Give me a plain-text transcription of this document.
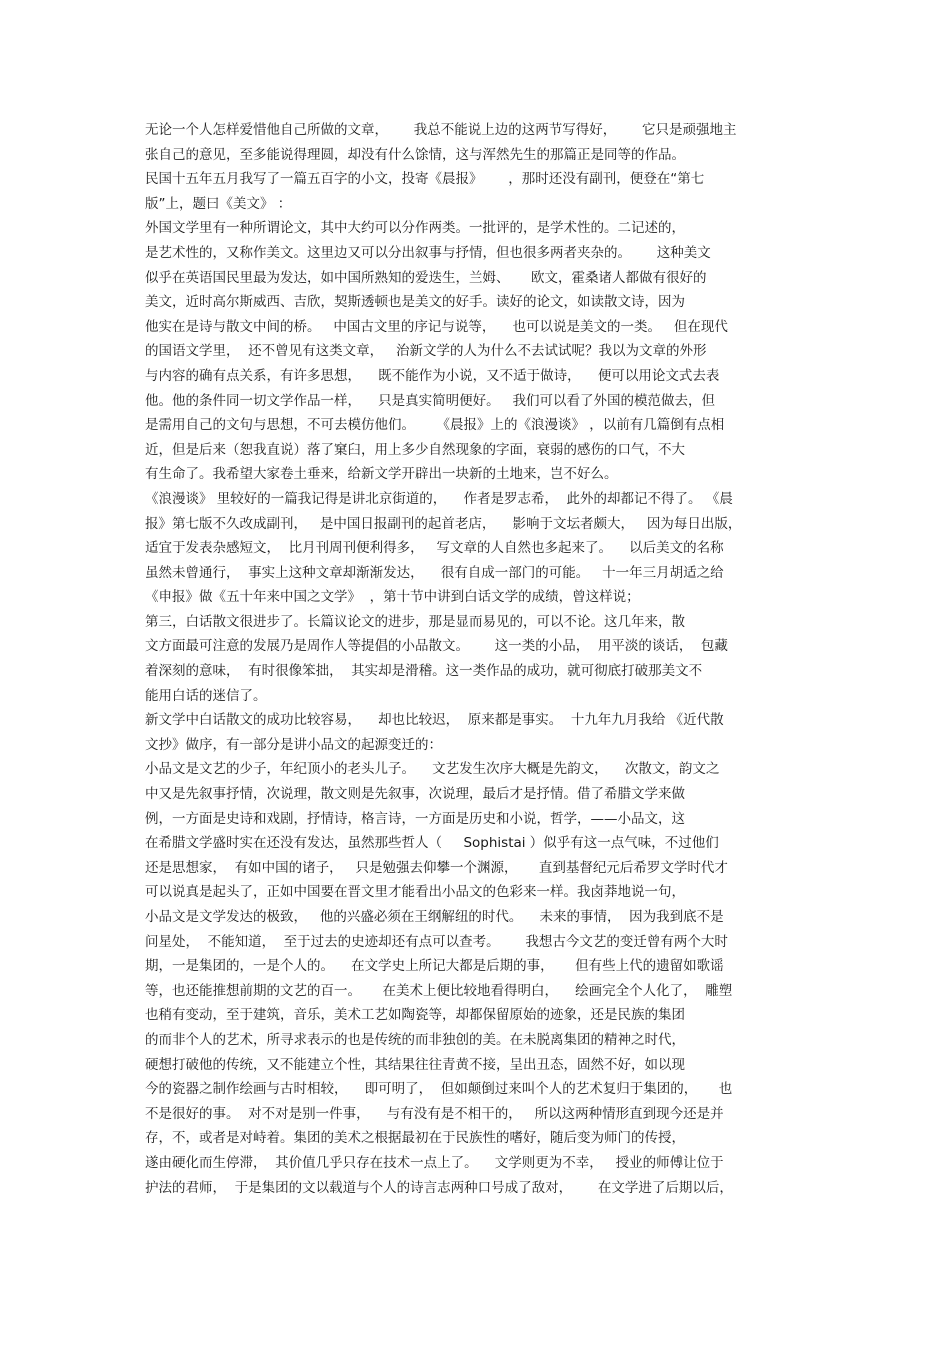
无论一个人怎样爱惜他自己所做的文章，      我总不能说上边的这两节写得好，      它只是顽强地主
张自己的意见，至多能说得理圆，却没有什么馀情，这与浑然先生的那篇正是同等的作品。
民国十五年五月我写了一篇五百字的小文，投寄《晨报》      ，那时还没有副刊，便登在“第七
版”上，题曰《美文》 ：
外国文学里有一种所谓论文，其中大约可以分作两类。一批评的，是学术性的。二记述的，
是艺术性的，又称作美文。这里边又可以分出叙事与抒情，但也很多两者夹杂的。      这种美文
似乎在英语国民里最为发达，如中国所熟知的爱迭生，兰姆、     欧文，霍桑诸人都做有很好的
美文，近时高尔斯威西、吉欣，契斯透顿也是美文的好手。读好的论文，如读散文诗，因为
他实在是诗与散文中间的桥。   中国古文里的序记与说等，    也可以说是美文的一类。   但在现代
的国语文学里，  还不曾见有这类文章，   治新文学的人为什么不去试试呢？我以为文章的外形
与内容的确有点关系，有许多思想，    既不能作为小说，又不适于做诗，    便可以用论文式去表
他。他的条件同一切文学作品一样，    只是真实简明便好。   我们可以看了外国的模范做去，但
是需用自己的文句与思想，不可去模仿他们。     《晨报》上的《浪漫谈》 ，以前有几篇倒有点相
近，但是后来（恕我直说）落了窠臼，用上多少自然现象的字面，衰弱的感伤的口气，不大
有生命了。我希望大家卷土垂来，给新文学开辟出一块新的土地来，岂不好么。
《浪漫谈》 里较好的一篇我记得是讲北京街道的，    作者是罗志希，  此外的却都记不得了。 《晨
报》第七版不久改成副刊，   是中国日报副刊的起首老店，    影响于文坛者颇大，   因为每日出版，
适宜于发表杂感短文，  比月刊周刊便利得多，   写文章的人自然也多起来了。    以后美文的名称
虽然未曾通行，  事实上这种文章却渐渐发达，    很有自成一部门的可能。   十一年三月胡适之给
《申报》做《五十年来中国之文学》  ，第十节中讲到白话文学的成绩，曾这样说；
第三，白话散文很进步了。长篇议论文的进步，那是显而易见的，可以不论。这几年来，散
文方面最可注意的发展乃是周作人等提倡的小品散文。      这一类的小品，  用平淡的谈话，  包藏
着深刻的意味，  有时很像笨拙，  其实却是滑稽。这一类作品的成功，就可彻底打破那美文不
能用白话的迷信了。
新文学中白话散文的成功比较容易，    却也比较迟，  原来都是事实。  十九年九月我给 《近代散
文抄》做序，有一部分是讲小品文的起源变迁的：
小品文是文艺的少子，年纪顶小的老头儿子。    文艺发生次序大概是先韵文，    次散文，韵文之
中又是先叙事抒情，次说理，散文则是先叙事，次说理，最后才是抒情。借了希腊文学来做
例，一方面是史诗和戏剧，抒情诗，格言诗，一方面是历史和小说，哲学，——小品文，这
在希腊文学盛时实在还没有发达，虽然那些哲人（     Sophistai ）似乎有这一点气味，不过他们
还是思想家，  有如中国的诸子，   只是勉强去仰攀一个渊源，     直到基督纪元后希罗文学时代才
可以说真是起头了，正如中国要在晋文里才能看出小品文的色彩来一样。我卤莽地说一句，
小品文是文学发达的极致，   他的兴盛必须在王纲解纽的时代。    未来的事情，  因为我到底不是
问星处，  不能知道，  至于过去的史迹却还有点可以查考。      我想古今文艺的变迁曾有两个大时
期，一是集团的，一是个人的。    在文学史上所记大都是后期的事，     但有些上代的遗留如歌谣
等，也还能推想前期的文艺的百一。     在美术上便比较地看得明白，    绘画完全个人化了，  雕塑
也稍有变动，至于建筑，音乐，美术工艺如陶瓷等，却都保留原始的迹象，还是民族的集团
的而非个人的艺术，所寻求表示的也是传统的而非独创的美。在未脱离集团的精神之时代，
硬想打破他的传统，又不能建立个性，其结果往往青黄不接，呈出丑态，固然不好，如以现
今的瓷器之制作绘画与古时相较，    即可明了，  但如颠倒过来叫个人的艺术复归于集团的，     也
不是很好的事。  对不对是别一件事，    与有没有是不相干的，   所以这两种情形直到现今还是并
存，不，或者是对峙着。集团的美术之根据最初在于民族性的嗜好，随后变为师门的传授，
遂由硬化而生停滞，  其价值几乎只存在技术一点上了。    文学则更为不幸，   授业的师傅让位于
护法的君师，  于是集团的文以载道与个人的诗言志两种口号成了敌对，      在文学进了后期以后，
